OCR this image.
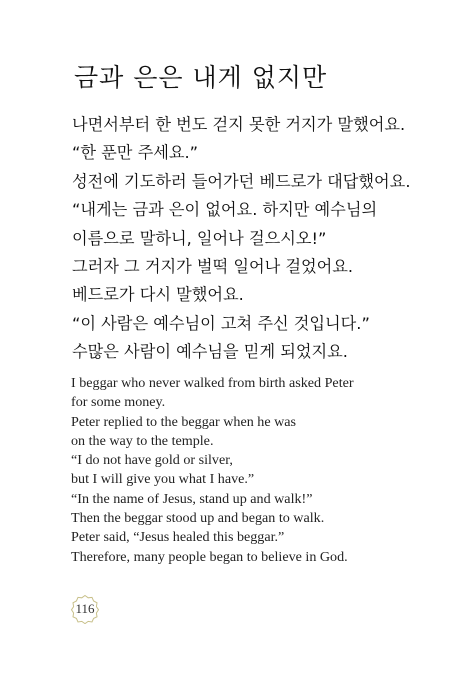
금과 은은 내게 없지만
나면서부터 한 번도 걷지 못한 거지가 말했어요.
“한 푼만 주세요.”
성전에 기도하러 들어가던 베드로가 대답했어요.
“내게는 금과 은이 없어요. 하지만 예수님의
이름으로 말하니, 일어나 걸으시오!”
그러자 그 거지가 벌떡 일어나 걸었어요.
베드로가 다시 말했어요.
“이 사람은 예수님이 고쳐 주신 것입니다.”
수많은 사람이 예수님을 믿게 되었지요.
I beggar who never walked from birth asked Peter
for some money.
Peter replied to the beggar when he was
on the way to the temple.
“I do not have gold or silver,
but I will give you what I have.”
“In the name of Jesus, stand up and walk!”
Then the beggar stood up and began to walk.
Peter said, “Jesus healed this beggar.”
Therefore, many people began to believe in God.
116
